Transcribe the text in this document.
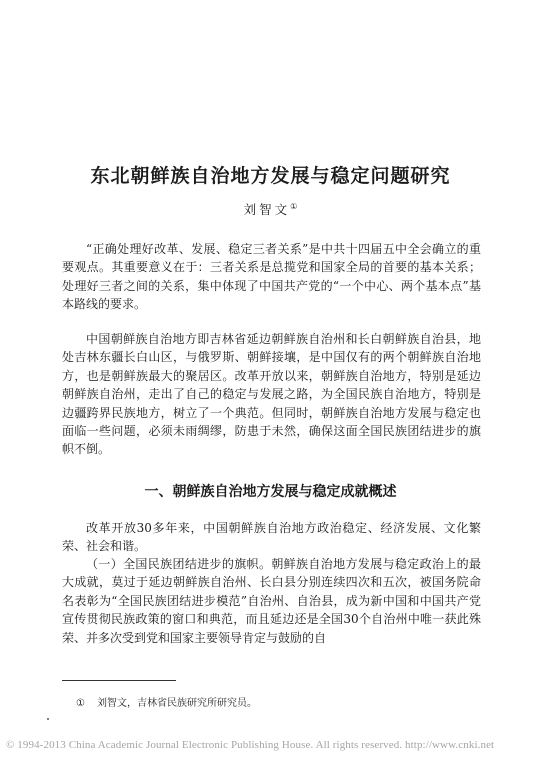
东北朝鲜族自治地方发展与稳定问题研究
刘智文①

“正确处理好改革、发展、稳定三者关系”是中共十四届五中全会确立的重要观点。其重要意义在于：三者关系是总揽党和国家全局的首要的基本关系；处理好三者之间的关系，集中体现了中国共产党的“一个中心、两个基本点”基本路线的要求。

中国朝鲜族自治地方即吉林省延边朝鲜族自治州和长白朝鲜族自治县，地处吉林东疆长白山区，与俄罗斯、朝鲜接壤，是中国仅有的两个朝鲜族自治地方，也是朝鲜族最大的聚居区。改革开放以来，朝鲜族自治地方，特别是延边朝鲜族自治州，走出了自己的稳定与发展之路，为全国民族自治地方，特别是边疆跨界民族地方，树立了一个典范。但同时，朝鲜族自治地方发展与稳定也面临一些问题，必须未雨绸缪，防患于未然，确保这面全国民族团结进步的旗帜不倒。

一、朝鲜族自治地方发展与稳定成就概述

改革开放30多年来，中国朝鲜族自治地方政治稳定、经济发展、文化繁荣、社会和谐。

（一）全国民族团结进步的旗帜。朝鲜族自治地方发展与稳定政治上的最大成就，莫过于延边朝鲜族自治州、长白县分别连续四次和五次，被国务院命名表彰为“全国民族团结进步模范”自治州、自治县，成为新中国和中国共产党宣传贯彻民族政策的窗口和典范，而且延边还是全国30个自治州中唯一获此殊荣、并多次受到党和国家主要领导肯定与鼓励的自

① 刘智文，吉林省民族研究所研究员。
© 1994-2013 China Academic Journal Electronic Publishing House. All rights reserved. http://www.cnki.net
